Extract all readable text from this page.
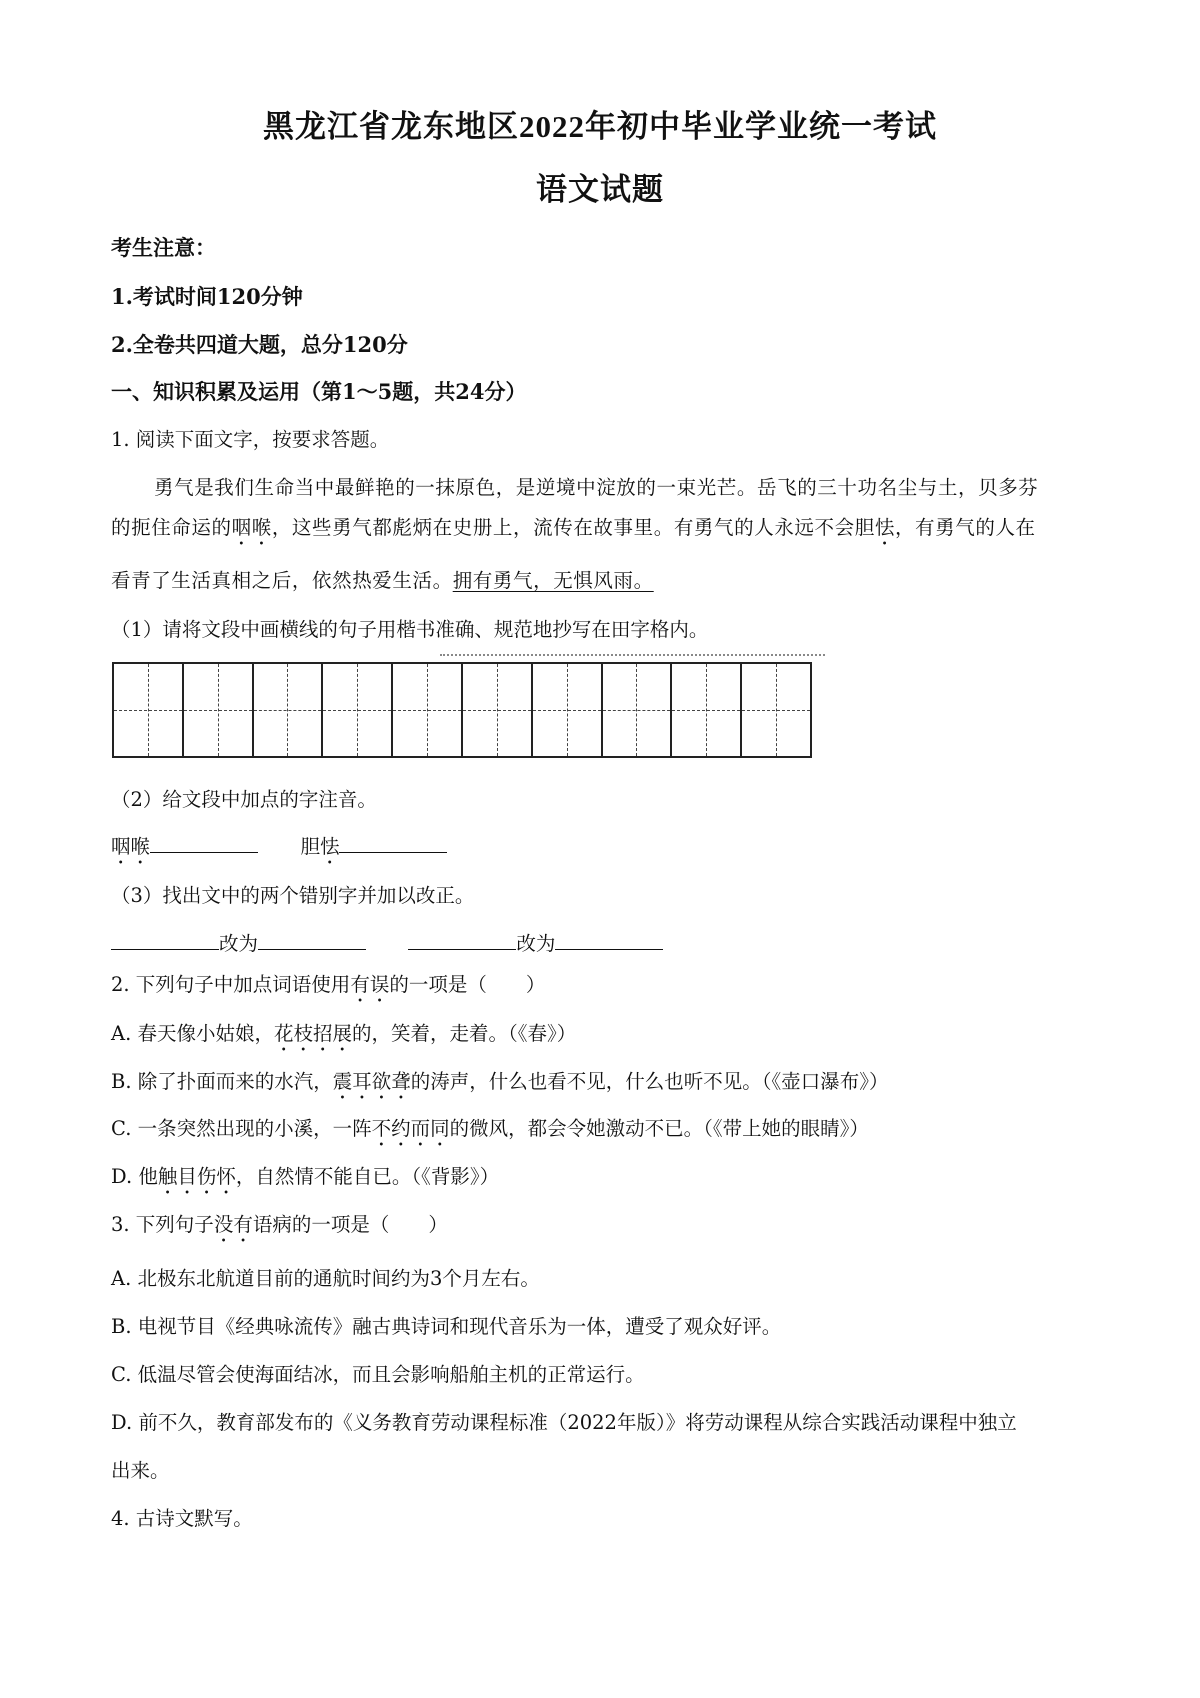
黑龙江省龙东地区2022年初中毕业学业统一考试
语文试题
考生注意：
1.考试时间120分钟
2.全卷共四道大题，总分120分
一、知识积累及运用（第1～5题，共24分）
1. 阅读下面文字，按要求答题。
勇气是我们生命当中最鲜艳的一抹原色，是逆境中淀放的一束光芒。岳飞的三十功名尘与土，贝多芬
的扼住命运的咽喉，这些勇气都彪炳在史册上，流传在故事里。有勇气的人永远不会胆怯，有勇气的人在
看青了生活真相之后，依然热爱生活。拥有勇气，无惧风雨。
（1）请将文段中画横线的句子用楷书准确、规范地抄写在田字格内。
（2）给文段中加点的字注音。
咽喉	胆怯
（3）找出文中的两个错别字并加以改正。
改为	改为
2. 下列句子中加点词语使用有误的一项是（　　）
A. 春天像小姑娘，花枝招展的，笑着，走着。（《春》）
B. 除了扑面而来的水汽，震耳欲聋的涛声，什么也看不见，什么也听不见。（《壶口瀑布》）
C. 一条突然出现的小溪，一阵不约而同的微风，都会令她激动不已。（《带上她的眼睛》）
D. 他触目伤怀，自然情不能自已。（《背影》）
3. 下列句子没有语病的一项是（　　）
A. 北极东北航道目前的通航时间约为3个月左右。
B. 电视节目《经典咏流传》融古典诗词和现代音乐为一体，遭受了观众好评。
C. 低温尽管会使海面结冰，而且会影响船舶主机的正常运行。
D. 前不久，教育部发布的《义务教育劳动课程标准（2022年版）》将劳动课程从综合实践活动课程中独立
出来。
4. 古诗文默写。
